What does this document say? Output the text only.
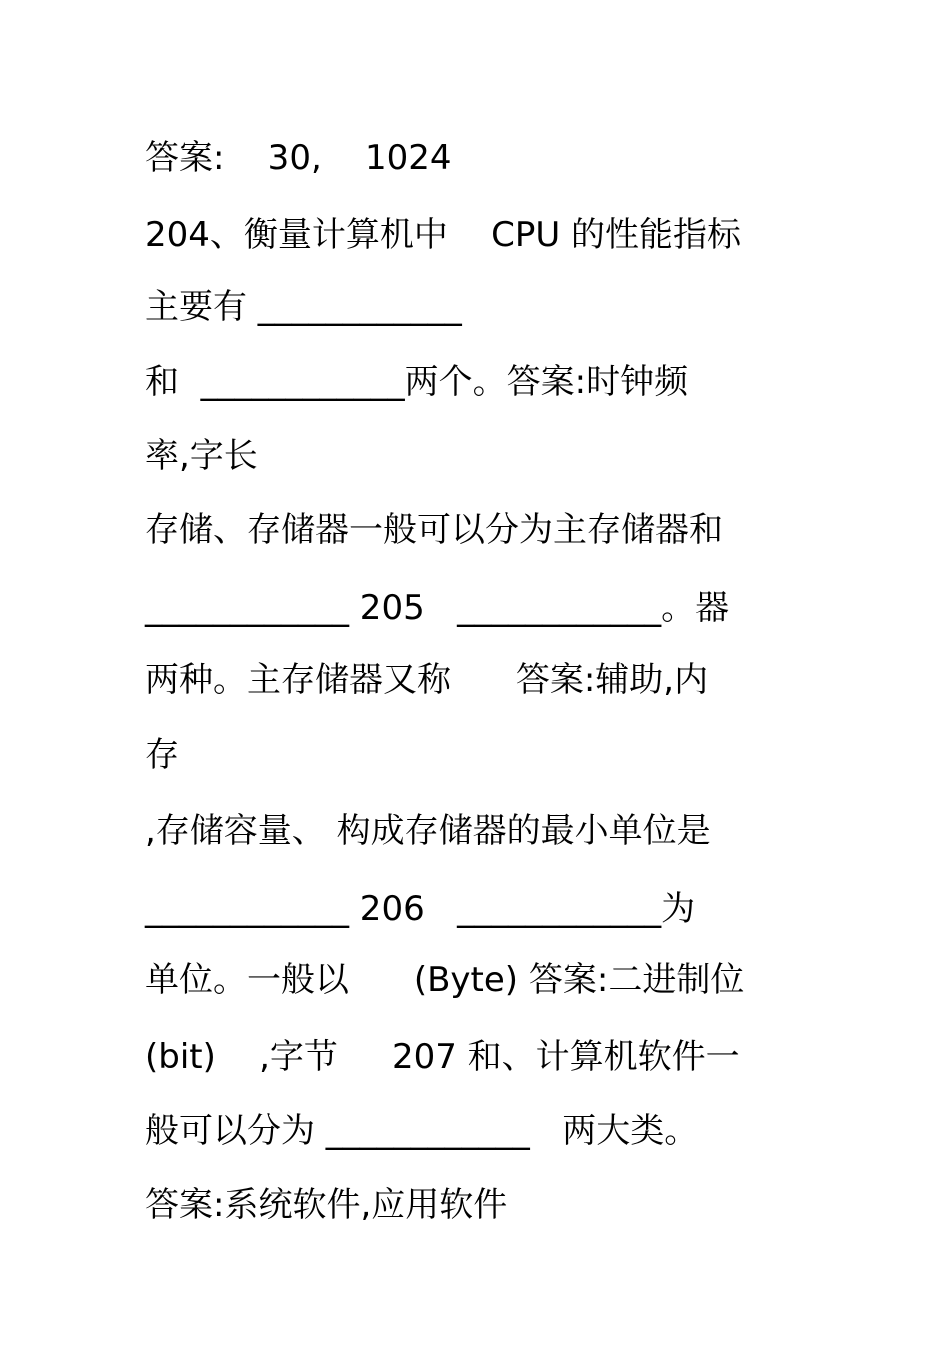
答案:    30,    1024
204、衡量计算机中    CPU 的性能指标
主要有 ____________
和  ____________两个。答案:时钟频
率,字长
存储、存储器一般可以分为主存储器和
____________ 205   ____________。器
两种。主存储器又称      答案:辅助,内
存
,存储容量、 构成存储器的最小单位是
____________ 206   ____________为
单位。一般以      (Byte) 答案:二进制位
(bit)    ,字节     207 和、计算机软件一
般可以分为 ____________   两大类。
答案:系统软件,应用软件
